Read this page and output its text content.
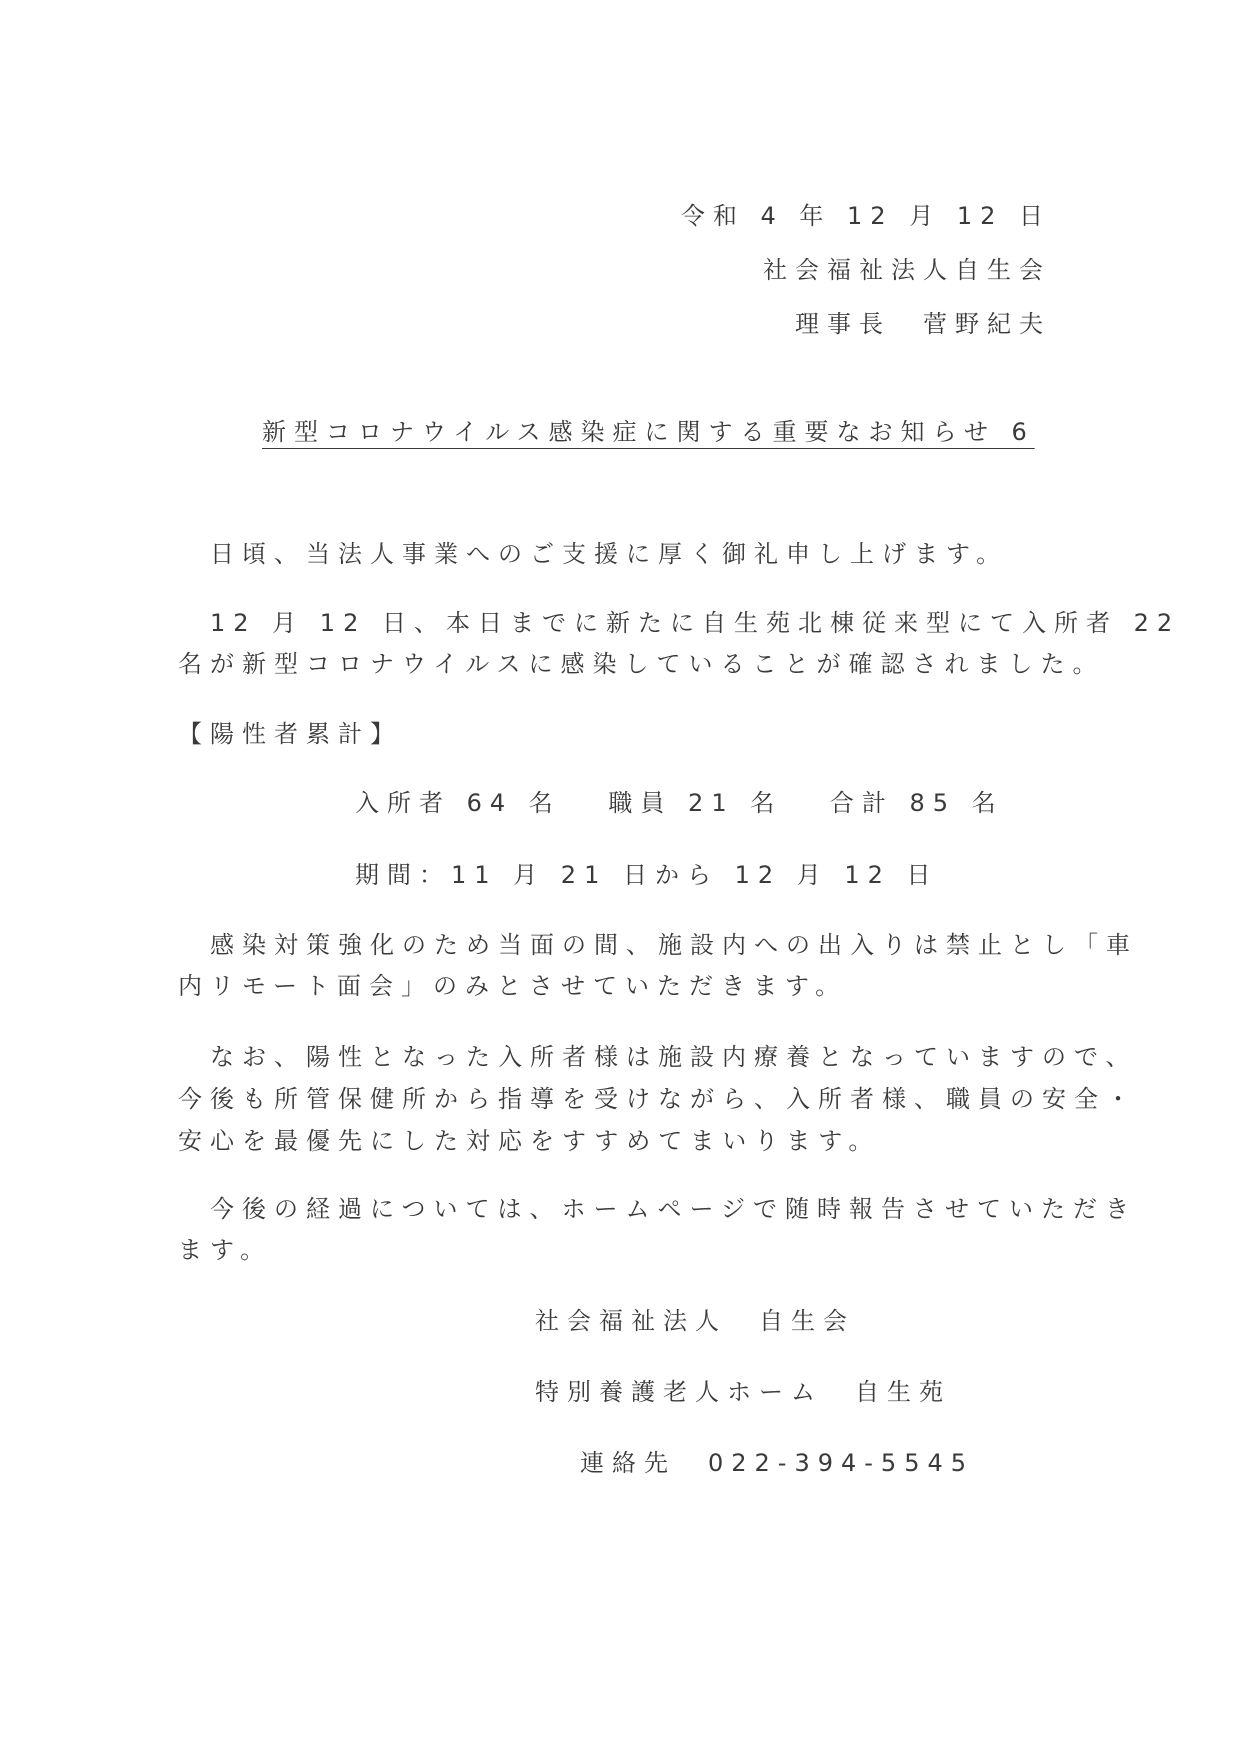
令和 4 年 12 月 12 日
社会福祉法人自生会
理事長　菅野紀夫
新型コロナウイルス感染症に関する重要なお知らせ 6
　日頃、当法人事業へのご支援に厚く御礼申し上げます。
　12 月 12 日、本日までに新たに自生苑北棟従来型にて入所者 22
名が新型コロナウイルスに感染していることが確認されました。
【陽性者累計】
入所者 64 名　 職員 21 名　 合計 85 名
期間：11 月 21 日から 12 月 12 日
　感染対策強化のため当面の間、施設内への出入りは禁止とし「車
内リモート面会」のみとさせていただきます。
　なお、陽性となった入所者様は施設内療養となっていますので、
今後も所管保健所から指導を受けながら、入所者様、職員の安全・
安心を最優先にした対応をすすめてまいります。
　今後の経過については、ホームページで随時報告させていただき
ます。
社会福祉法人　自生会
特別養護老人ホーム　自生苑
連絡先　022-394-5545
